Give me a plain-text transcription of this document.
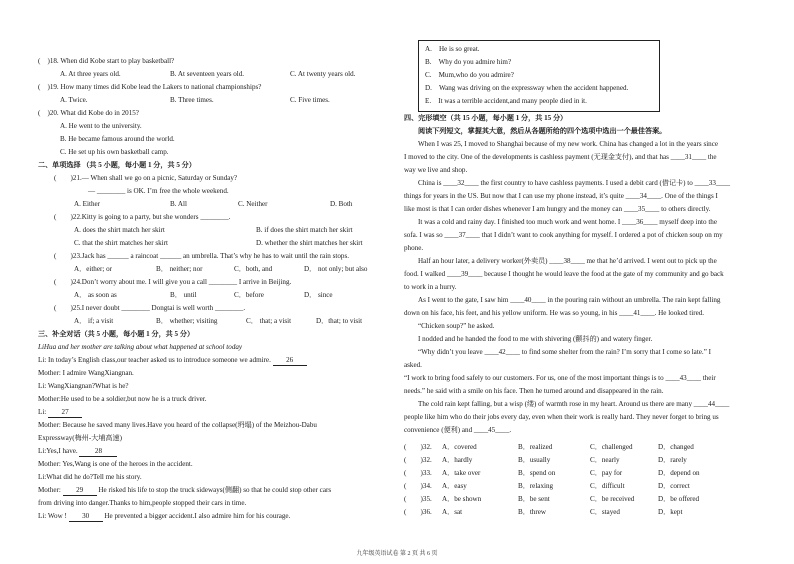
(　)18. When did Kobe start to play basketball?
A. At three years old.	B. At seventeen years old.	C. At twenty years old.
(　)19. How many times did Kobe lead the Lakers to national championships?
A. Twice.	B. Three times.	C. Five times.
(　)20. What did Kobe do in 2015?
A. He went to the university.
B. He became famous around the world.
C. He set up his own basketball camp.
二、单项选择 （共 5 小题，每小题 1 分，共 5 分）
(　　)21.— When shall we go on a picnic, Saturday or Sunday?
— ________ is OK. I’m free the whole weekend.
A. Either	B. All	C. Neither	D. Both
(　　)22.Kitty is going to a party, but she wonders ________.
A. does the shirt match her skirt	B. if does the shirt match her skirt
C. that the shirt matches her skirt	D. whether the shirt matches her skirt
(　　)23.Jack has ______ a raincoat ______ an umbrella. That’s why he has to wait until the rain stops.
A．either; or	B． neither; nor	C．both, and	D． not only; but also
(　　)24.Don’t worry about me. I will give you a call ________ I arrive in Beijing.
A． as soon as	B． until	C．before	D． since
(　　)25.I never doubt ________ Dongtai is well worth ________.
A． if; a visit	B． whether; visiting	C． that; a visit	D．that; to visit
三、补全对话（共 5 小题，每小题 1 分，共 5 分）
LiHua and her mother are talking about what happened at school today
Li: In today’s English class,our teacher asked us to introduce someone we admire. 26
Mother: I admire WangXiangnan.
Li: WangXiangnan?What is he?
Mother:He used to be a soldier,but now he is a truck driver.
Li: 27
Mother: Because he saved many lives.Have you heard of the collapse(坍塌) of the Meizhou-Dabu
Expressway(梅州-大埔高速)
Li:Yes,I have. 28
Mother: Yes,Wang is one of the heroes in the accident.
Li:What did he do?Tell me his story.
Mother: 29 He risked his life to stop the truck sideways(侧翻) so that he could stop other cars
from driving into danger.Thanks to him,people stopped their cars in time.
Li: Wow ! 30 He prevented a bigger accident.I also admire him for his courage.
A.　He is so great.
B.　Why do you admire him?
C.　Mum,who do you admire?
D.　Wang was driving on the expressway when the accident happened.
E.　It was a terrible accident,and many people died in it.
四、完形填空（共 15 小题，每小题 1 分，共 15 分）
阅读下列短文，掌握其大意，然后从各题所给的四个选项中选出一个最佳答案。
When I was 25, I moved to Shanghai because of my new work. China has changed a lot in the years since
I moved to the city. One of the developments is cashless payment (无现金支付), and that has ____31____ the
way we live and shop.
China is ____32____ the first country to have cashless payments. I used a debit card (借记卡) to ____33____
things for years in the US. But now that I can use my phone instead, it’s quite ____34____. One of the things I
like most is that I can order dishes whenever I am hungry and the money can ____35____ to others directly.
It was a cold and rainy day. I finished too much work and went home. I ____36____ myself deep into the
sofa. I was so ____37____ that I didn’t want to cook anything for myself. I ordered a pot of chicken soup on my
phone.
Half an hour later, a delivery worker(外卖员) ____38____ me that he’d arrived. I went out to pick up the
food. I walked ____39____ because I thought he would leave the food at the gate of my community and go back
to work in a hurry.
As I went to the gate, I saw him ____40____ in the pouring rain without an umbrella. The rain kept falling
down on his face, his feet, and his yellow uniform. He was so young, in his ____41____. He looked tired.
“Chicken soup?” he asked.
I nodded and he handed the food to me with shivering (颤抖的) and watery finger.
“Why didn’t you leave ____42____ to find some shelter from the rain? I’m sorry that I come so late.” I
asked.
“I work to bring food safely to our customers. For us, one of the most important things is to ____43____ their
needs.” he said with a smile on his face. Then he turned around and disappeared in the rain.
The cold rain kept falling, but a wisp (缕) of warmth rose in my heart. Around us there are many ____44____
people like him who do their jobs every day, even when their work is really hard. They never forget to bring us
convenience (便利) and ____45____.
(　　)32. A．covered	B．realized	C．challenged	D．changed
(　　)32. A．hardly	B．usually	C．nearly	D．rarely
(　　)33. A．take over	B．spend on	C．pay for	D．depend on
(　　)34. A．easy	B．relaxing	C．difficult	D．correct
(　　)35. A．be shown	B．be sent	C．be received	D．be offered
(　　)36. A．sat	B．threw	C．stayed	D．kept
九年级英语试卷 第 2 页 共 6 页
